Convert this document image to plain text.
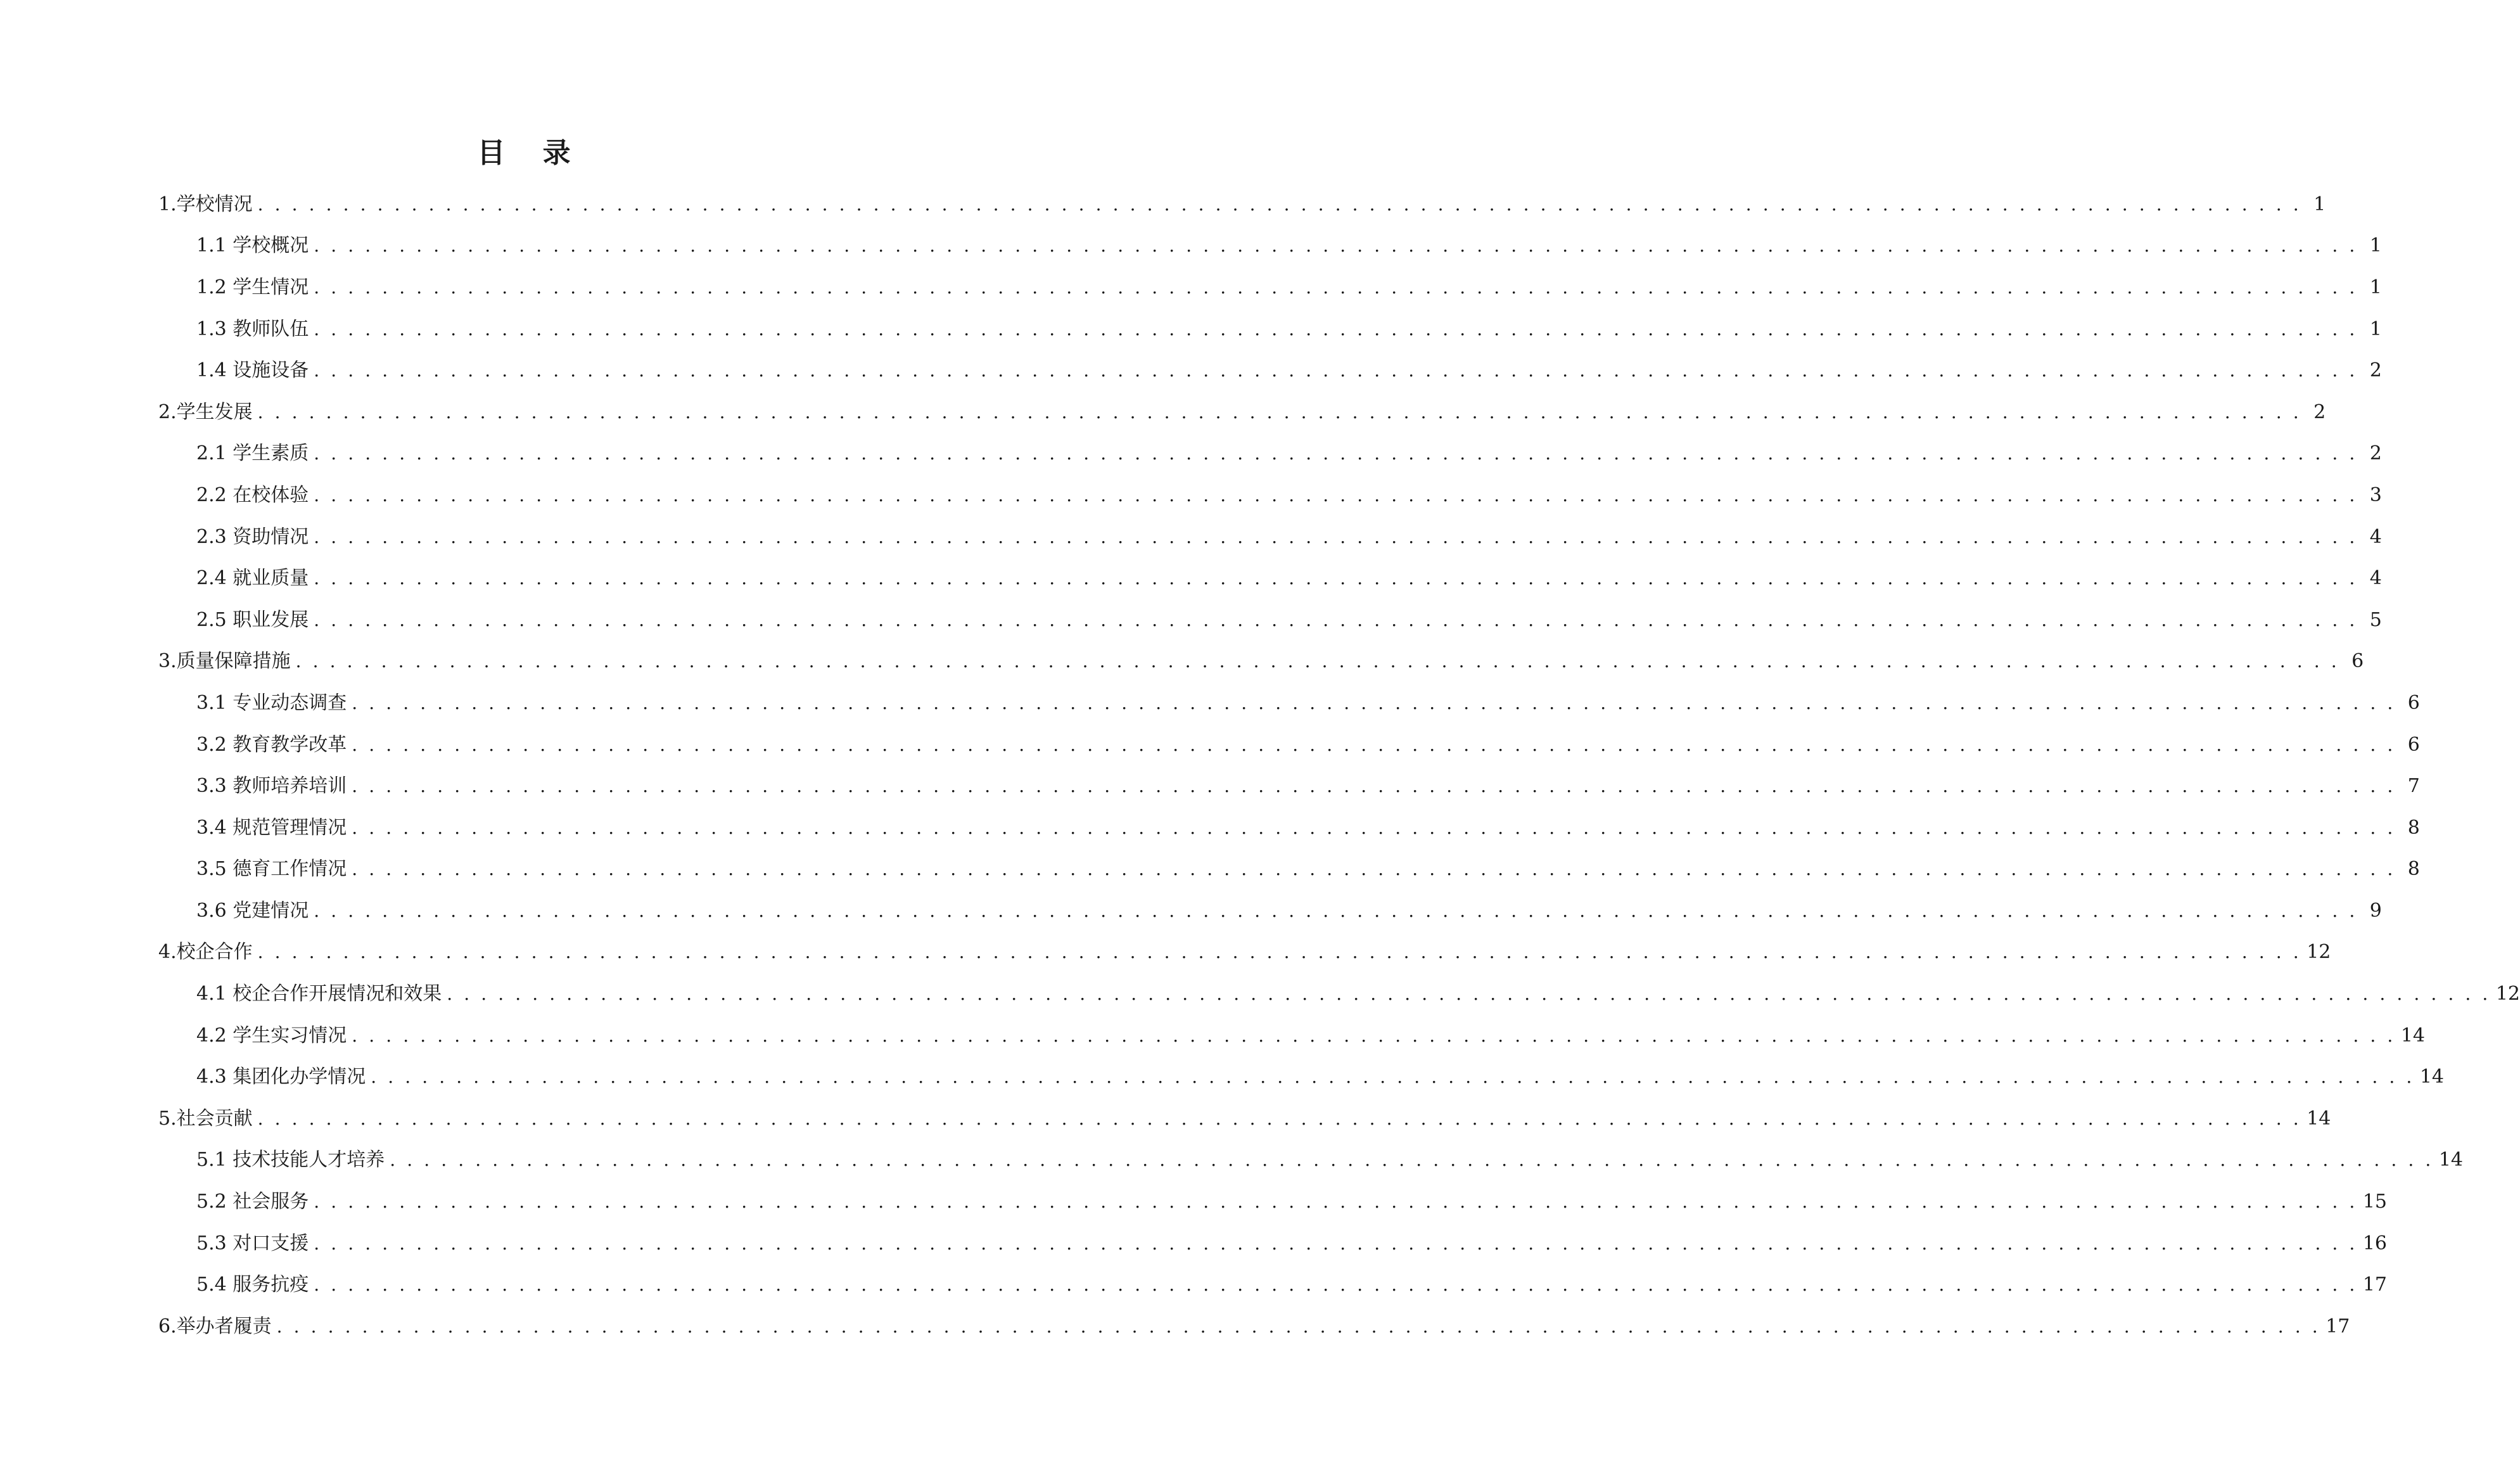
目 录
1.学校情况 . . . . . . . . . . . . . . . . . . . . . . . . . . . . . . . . . . . . . . . . . . . . . . . . . . . . . . . . . . . . . . . . . . . . . . . . . . . . . . . . . . . . . . . . . . . . . . . . . . . . . . . . . . . . . . . . . . . . . . . . 1
1.1 学校概况 . . . . . . . . . . . . . . . . . . . . . . . . . . . . . . . . . . . . . . . . . . . . . . . . . . . . . . . . . . . . . . . . . . . . . . . . . . . . . . . . . . . . . . . . . . . . . . . . . . . . . . . . . . . . . . . . . . . . . . . . 1
1.2 学生情况 . . . . . . . . . . . . . . . . . . . . . . . . . . . . . . . . . . . . . . . . . . . . . . . . . . . . . . . . . . . . . . . . . . . . . . . . . . . . . . . . . . . . . . . . . . . . . . . . . . . . . . . . . . . . . . . . . . . . . . . . 1
1.3 教师队伍 . . . . . . . . . . . . . . . . . . . . . . . . . . . . . . . . . . . . . . . . . . . . . . . . . . . . . . . . . . . . . . . . . . . . . . . . . . . . . . . . . . . . . . . . . . . . . . . . . . . . . . . . . . . . . . . . . . . . . . . . 1
1.4 设施设备 . . . . . . . . . . . . . . . . . . . . . . . . . . . . . . . . . . . . . . . . . . . . . . . . . . . . . . . . . . . . . . . . . . . . . . . . . . . . . . . . . . . . . . . . . . . . . . . . . . . . . . . . . . . . . . . . . . . . . . . . 2
2.学生发展 . . . . . . . . . . . . . . . . . . . . . . . . . . . . . . . . . . . . . . . . . . . . . . . . . . . . . . . . . . . . . . . . . . . . . . . . . . . . . . . . . . . . . . . . . . . . . . . . . . . . . . . . . . . . . . . . . . . . . . . . 2
2.1 学生素质 . . . . . . . . . . . . . . . . . . . . . . . . . . . . . . . . . . . . . . . . . . . . . . . . . . . . . . . . . . . . . . . . . . . . . . . . . . . . . . . . . . . . . . . . . . . . . . . . . . . . . . . . . . . . . . . . . . . . . . . . 2
2.2 在校体验 . . . . . . . . . . . . . . . . . . . . . . . . . . . . . . . . . . . . . . . . . . . . . . . . . . . . . . . . . . . . . . . . . . . . . . . . . . . . . . . . . . . . . . . . . . . . . . . . . . . . . . . . . . . . . . . . . . . . . . . . 3
2.3 资助情况 . . . . . . . . . . . . . . . . . . . . . . . . . . . . . . . . . . . . . . . . . . . . . . . . . . . . . . . . . . . . . . . . . . . . . . . . . . . . . . . . . . . . . . . . . . . . . . . . . . . . . . . . . . . . . . . . . . . . . . . . 4
2.4 就业质量 . . . . . . . . . . . . . . . . . . . . . . . . . . . . . . . . . . . . . . . . . . . . . . . . . . . . . . . . . . . . . . . . . . . . . . . . . . . . . . . . . . . . . . . . . . . . . . . . . . . . . . . . . . . . . . . . . . . . . . . . 4
2.5 职业发展 . . . . . . . . . . . . . . . . . . . . . . . . . . . . . . . . . . . . . . . . . . . . . . . . . . . . . . . . . . . . . . . . . . . . . . . . . . . . . . . . . . . . . . . . . . . . . . . . . . . . . . . . . . . . . . . . . . . . . . . . 5
3.质量保障措施 . . . . . . . . . . . . . . . . . . . . . . . . . . . . . . . . . . . . . . . . . . . . . . . . . . . . . . . . . . . . . . . . . . . . . . . . . . . . . . . . . . . . . . . . . . . . . . . . . . . . . . . . . . . . . . . . . . . . . . . . 6
3.1 专业动态调查 . . . . . . . . . . . . . . . . . . . . . . . . . . . . . . . . . . . . . . . . . . . . . . . . . . . . . . . . . . . . . . . . . . . . . . . . . . . . . . . . . . . . . . . . . . . . . . . . . . . . . . . . . . . . . . . . . . . . . . . . 6
3.2 教育教学改革 . . . . . . . . . . . . . . . . . . . . . . . . . . . . . . . . . . . . . . . . . . . . . . . . . . . . . . . . . . . . . . . . . . . . . . . . . . . . . . . . . . . . . . . . . . . . . . . . . . . . . . . . . . . . . . . . . . . . . . . . 6
3.3 教师培养培训 . . . . . . . . . . . . . . . . . . . . . . . . . . . . . . . . . . . . . . . . . . . . . . . . . . . . . . . . . . . . . . . . . . . . . . . . . . . . . . . . . . . . . . . . . . . . . . . . . . . . . . . . . . . . . . . . . . . . . . . . 7
3.4 规范管理情况 . . . . . . . . . . . . . . . . . . . . . . . . . . . . . . . . . . . . . . . . . . . . . . . . . . . . . . . . . . . . . . . . . . . . . . . . . . . . . . . . . . . . . . . . . . . . . . . . . . . . . . . . . . . . . . . . . . . . . . . . 8
3.5 德育工作情况 . . . . . . . . . . . . . . . . . . . . . . . . . . . . . . . . . . . . . . . . . . . . . . . . . . . . . . . . . . . . . . . . . . . . . . . . . . . . . . . . . . . . . . . . . . . . . . . . . . . . . . . . . . . . . . . . . . . . . . . . 8
3.6 党建情况 . . . . . . . . . . . . . . . . . . . . . . . . . . . . . . . . . . . . . . . . . . . . . . . . . . . . . . . . . . . . . . . . . . . . . . . . . . . . . . . . . . . . . . . . . . . . . . . . . . . . . . . . . . . . . . . . . . . . . . . . 9
4.校企合作 . . . . . . . . . . . . . . . . . . . . . . . . . . . . . . . . . . . . . . . . . . . . . . . . . . . . . . . . . . . . . . . . . . . . . . . . . . . . . . . . . . . . . . . . . . . . . . . . . . . . . . . . . . . . . . . . . . . . . . . . 12
4.1 校企合作开展情况和效果 . . . . . . . . . . . . . . . . . . . . . . . . . . . . . . . . . . . . . . . . . . . . . . . . . . . . . . . . . . . . . . . . . . . . . . . . . . . . . . . . . . . . . . . . . . . . . . . . . . . . . . . . . . . . . . . . . . . . . . . . 12
4.2 学生实习情况 . . . . . . . . . . . . . . . . . . . . . . . . . . . . . . . . . . . . . . . . . . . . . . . . . . . . . . . . . . . . . . . . . . . . . . . . . . . . . . . . . . . . . . . . . . . . . . . . . . . . . . . . . . . . . . . . . . . . . . . . 14
4.3 集团化办学情况 . . . . . . . . . . . . . . . . . . . . . . . . . . . . . . . . . . . . . . . . . . . . . . . . . . . . . . . . . . . . . . . . . . . . . . . . . . . . . . . . . . . . . . . . . . . . . . . . . . . . . . . . . . . . . . . . . . . . . . . . 14
5.社会贡献 . . . . . . . . . . . . . . . . . . . . . . . . . . . . . . . . . . . . . . . . . . . . . . . . . . . . . . . . . . . . . . . . . . . . . . . . . . . . . . . . . . . . . . . . . . . . . . . . . . . . . . . . . . . . . . . . . . . . . . . . 14
5.1 技术技能人才培养 . . . . . . . . . . . . . . . . . . . . . . . . . . . . . . . . . . . . . . . . . . . . . . . . . . . . . . . . . . . . . . . . . . . . . . . . . . . . . . . . . . . . . . . . . . . . . . . . . . . . . . . . . . . . . . . . . . . . . . . . 14
5.2 社会服务 . . . . . . . . . . . . . . . . . . . . . . . . . . . . . . . . . . . . . . . . . . . . . . . . . . . . . . . . . . . . . . . . . . . . . . . . . . . . . . . . . . . . . . . . . . . . . . . . . . . . . . . . . . . . . . . . . . . . . . . . 15
5.3 对口支援 . . . . . . . . . . . . . . . . . . . . . . . . . . . . . . . . . . . . . . . . . . . . . . . . . . . . . . . . . . . . . . . . . . . . . . . . . . . . . . . . . . . . . . . . . . . . . . . . . . . . . . . . . . . . . . . . . . . . . . . . 16
5.4 服务抗疫 . . . . . . . . . . . . . . . . . . . . . . . . . . . . . . . . . . . . . . . . . . . . . . . . . . . . . . . . . . . . . . . . . . . . . . . . . . . . . . . . . . . . . . . . . . . . . . . . . . . . . . . . . . . . . . . . . . . . . . . . 17
6.举办者履责 . . . . . . . . . . . . . . . . . . . . . . . . . . . . . . . . . . . . . . . . . . . . . . . . . . . . . . . . . . . . . . . . . . . . . . . . . . . . . . . . . . . . . . . . . . . . . . . . . . . . . . . . . . . . . . . . . . . . . . . . 17
